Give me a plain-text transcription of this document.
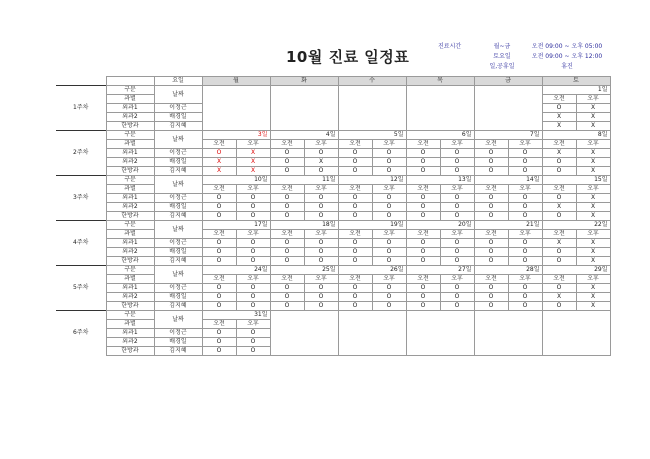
10월 진료 일정표
진료시간	월~금	오전 09:00 ~ 오후 05:00
토요일	오전 09:00 ~ 오후 12:00
일,공휴일	휴진
		요일	월		화		수		목		금		토	
1주차	구분	날짜											1일	
	과별												오전	오후
	외과1	이정근											O	X
	외과2	배경일											X	X
	한방과	김지혜											X	X
2주차	구분	날짜	3일		4일		5일		6일		7일		8일	
	과별		오전	오후	오전	오후	오전	오후	오전	오후	오전	오후	오전	오후
	외과1	이정근	O	X	O	O	O	O	O	O	O	O	X	X
	외과2	배경일	X	X	O	X	O	O	O	O	O	O	O	X
	한방과	김지혜	X	X	O	O	O	O	O	O	O	O	O	X
3주차	구분	날짜	10일		11일		12일		13일		14일		15일	
	과별		오전	오후	오전	오후	오전	오후	오전	오후	오전	오후	오전	오후
	외과1	이정근	O	O	O	O	O	O	O	O	O	O	O	X
	외과2	배경일	O	O	O	O	O	O	O	O	O	O	X	X
	한방과	김지혜	O	O	O	O	O	O	O	O	O	O	O	X
4주차	구분	날짜	17일		18일		19일		20일		21일		22일	
	과별		오전	오후	오전	오후	오전	오후	오전	오후	오전	오후	오전	오후
	외과1	이정근	O	O	O	O	O	O	O	O	O	O	X	X
	외과2	배경일	O	O	O	O	O	O	O	O	O	O	O	X
	한방과	김지혜	O	O	O	O	O	O	O	O	O	O	O	X
5주차	구분	날짜	24일		25일		26일		27일		28일		29일	
	과별		오전	오후	오전	오후	오전	오후	오전	오후	오전	오후	오전	오후
	외과1	이정근	O	O	O	O	O	O	O	O	O	O	O	X
	외과2	배경일	O	O	O	O	O	O	O	O	O	O	X	X
	한방과	김지혜	O	O	O	O	O	O	O	O	O	O	O	X
6주차	구분	날짜	31일											
	과별		오전	오후										
	외과1	이정근	O	O										
	외과2	배경일	O	O										
	한방과	김지혜	O	O										
